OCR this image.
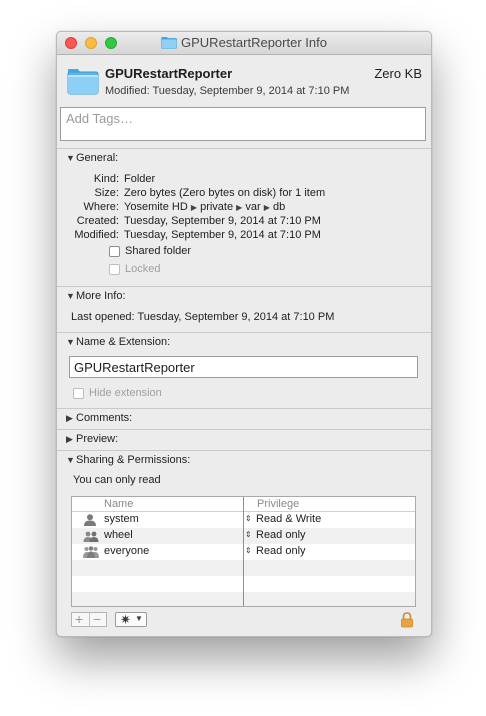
GPURestartReporter Info
GPURestartReporter	Zero KB
Modified: Tuesday, September 9, 2014 at 7:10 PM
Add Tags…
▼General:
Kind: Folder
Size: Zero bytes (Zero bytes on disk) for 1 item
Where: Yosemite HD ▶ private ▶ var ▶ db
Created: Tuesday, September 9, 2014 at 7:10 PM
Modified: Tuesday, September 9, 2014 at 7:10 PM
Shared folder
Locked
▼More Info:
Last opened: Tuesday, September 9, 2014 at 7:10 PM
▼Name & Extension:
GPURestartReporter
Hide extension
▶ Comments:
▶ Preview:
▼Sharing & Permissions:
You can only read
Name	Privilege
system	⇕ Read & Write
wheel	⇕ Read only
everyone	⇕ Read only
+ − ✷ ▼
